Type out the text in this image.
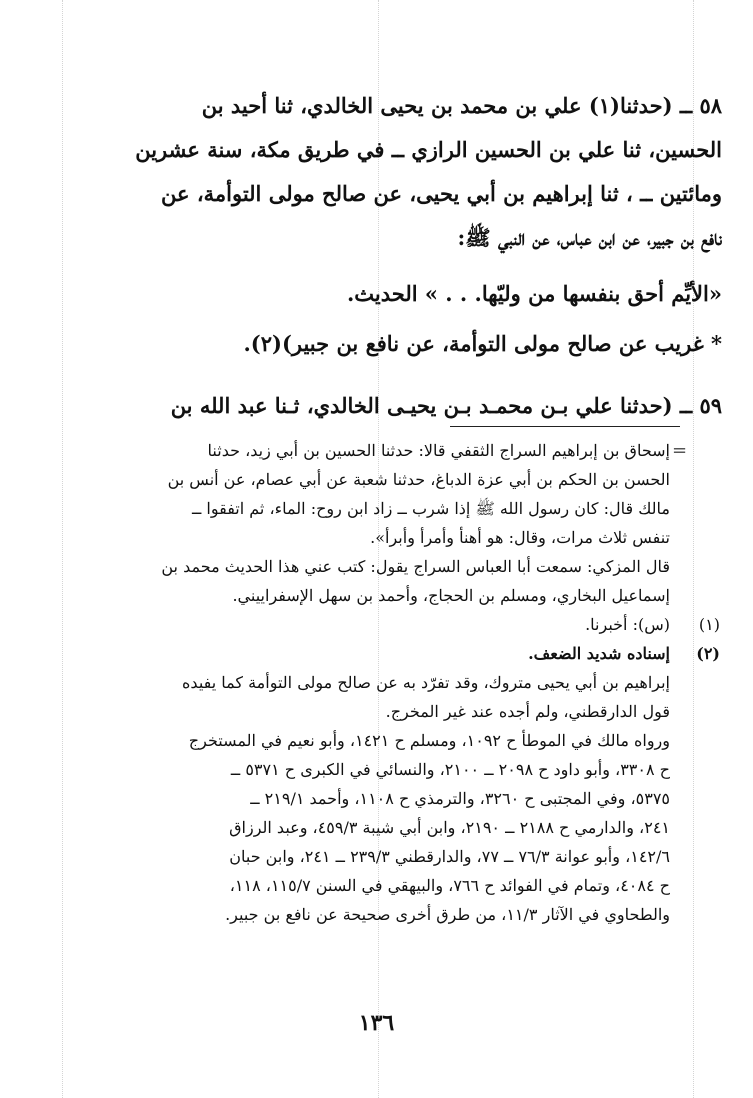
٥٨ ــ (حدثنا(١) علي بن محمد بن يحيى الخالدي، ثنا أحيد بن

الحسين، ثنا علي بن الحسين الرازي ــ في طريق مكة، سنة عشرين

ومائتين ــ ، ثنا إبراهيم بن أبي يحيى، عن صالح مولى التوأمة، عن

نافع بن جبير، عن ابن عباس، عن النبي ﷺ:

«الأيِّم أحق بنفسها من وليّها. . . » الحديث.

* غريب عن صالح مولى التوأمة، عن نافع بن جبير)(٢).

٥٩ ــ (حدثنا علي بـن محمـد بـن يحيـى الخالدي، ثـنا عبد الله بن

=

إسحاق بن إبراهيم السراج الثقفي قالا: حدثنا الحسين بن أبي زيد، حدثنا

الحسن بن الحكم بن أبي عزة الدباغ، حدثنا شعبة عن أبي عصام، عن أنس بن

مالك قال: كان رسول الله ﷺ إذا شرب ــ زاد ابن روح: الماء، ثم اتفقوا ــ

تنفس ثلاث مرات، وقال: هو أهنأ وأمرأ وأبرأ».

قال المزكي: سمعت أبا العباس السراج يقول: كتب عني هذا الحديث محمد بن

إسماعيل البخاري، ومسلم بن الحجاج، وأحمد بن سهل الإسفراييني.

(١)
(س): أخبرنا.

(٢)
إسناده شديد الضعف.

إبراهيم بن أبي يحيى متروك، وقد تفرّد به عن صالح مولى التوأمة كما يفيده

قول الدارقطني، ولم أجده عند غير المخرج.

ورواه مالك في الموطأ ح ١٠٩٢، ومسلم ح ١٤٢١، وأبو نعيم في المستخرج

ح ٣٣٠٨، وأبو داود ح ٢٠٩٨ ــ ٢١٠٠، والنسائي في الكبرى ح ٥٣٧١ ــ

٥٣٧٥، وفي المجتبى ح ٣٢٦٠، والترمذي ح ١١٠٨، وأحمد ٢١٩/١ ــ

٢٤١، والدارمي ح ٢١٨٨ ــ ٢١٩٠، وابن أبي شيبة ٤٥٩/٣، وعبد الرزاق

١٤٢/٦، وأبو عوانة ٧٦/٣ ــ ٧٧، والدارقطني ٢٣٩/٣ ــ ٢٤١، وابن حبان

ح ٤٠٨٤، وتمام في الفوائد ح ٧٦٦، والبيهقي في السنن ١١٥/٧، ١١٨،

والطحاوي في الآثار ١١/٣، من طرق أخرى صحيحة عن نافع بن جبير.

١٣٦
